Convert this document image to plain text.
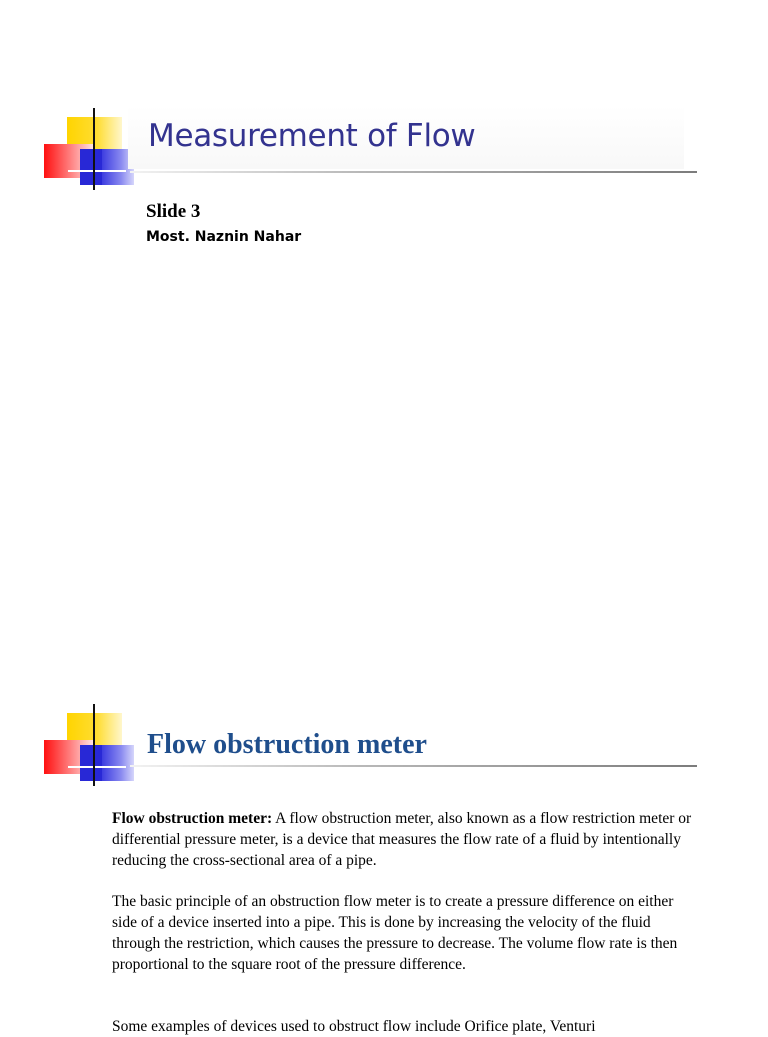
Measurement of Flow

Slide 3

Most. Naznin Nahar

Flow obstruction meter

Flow obstruction meter: A flow obstruction meter, also known as a flow restriction meter or differential pressure meter, is a device that measures the flow rate of a fluid by intentionally reducing the cross-sectional area of a pipe.

The basic principle of an obstruction flow meter is to create a pressure difference on either side of a device inserted into a pipe. This is done by increasing the velocity of the fluid through the restriction, which causes the pressure to decrease. The volume flow rate is then proportional to the square root of the pressure difference.

Some examples of devices used to obstruct flow include Orifice plate, Venturi
